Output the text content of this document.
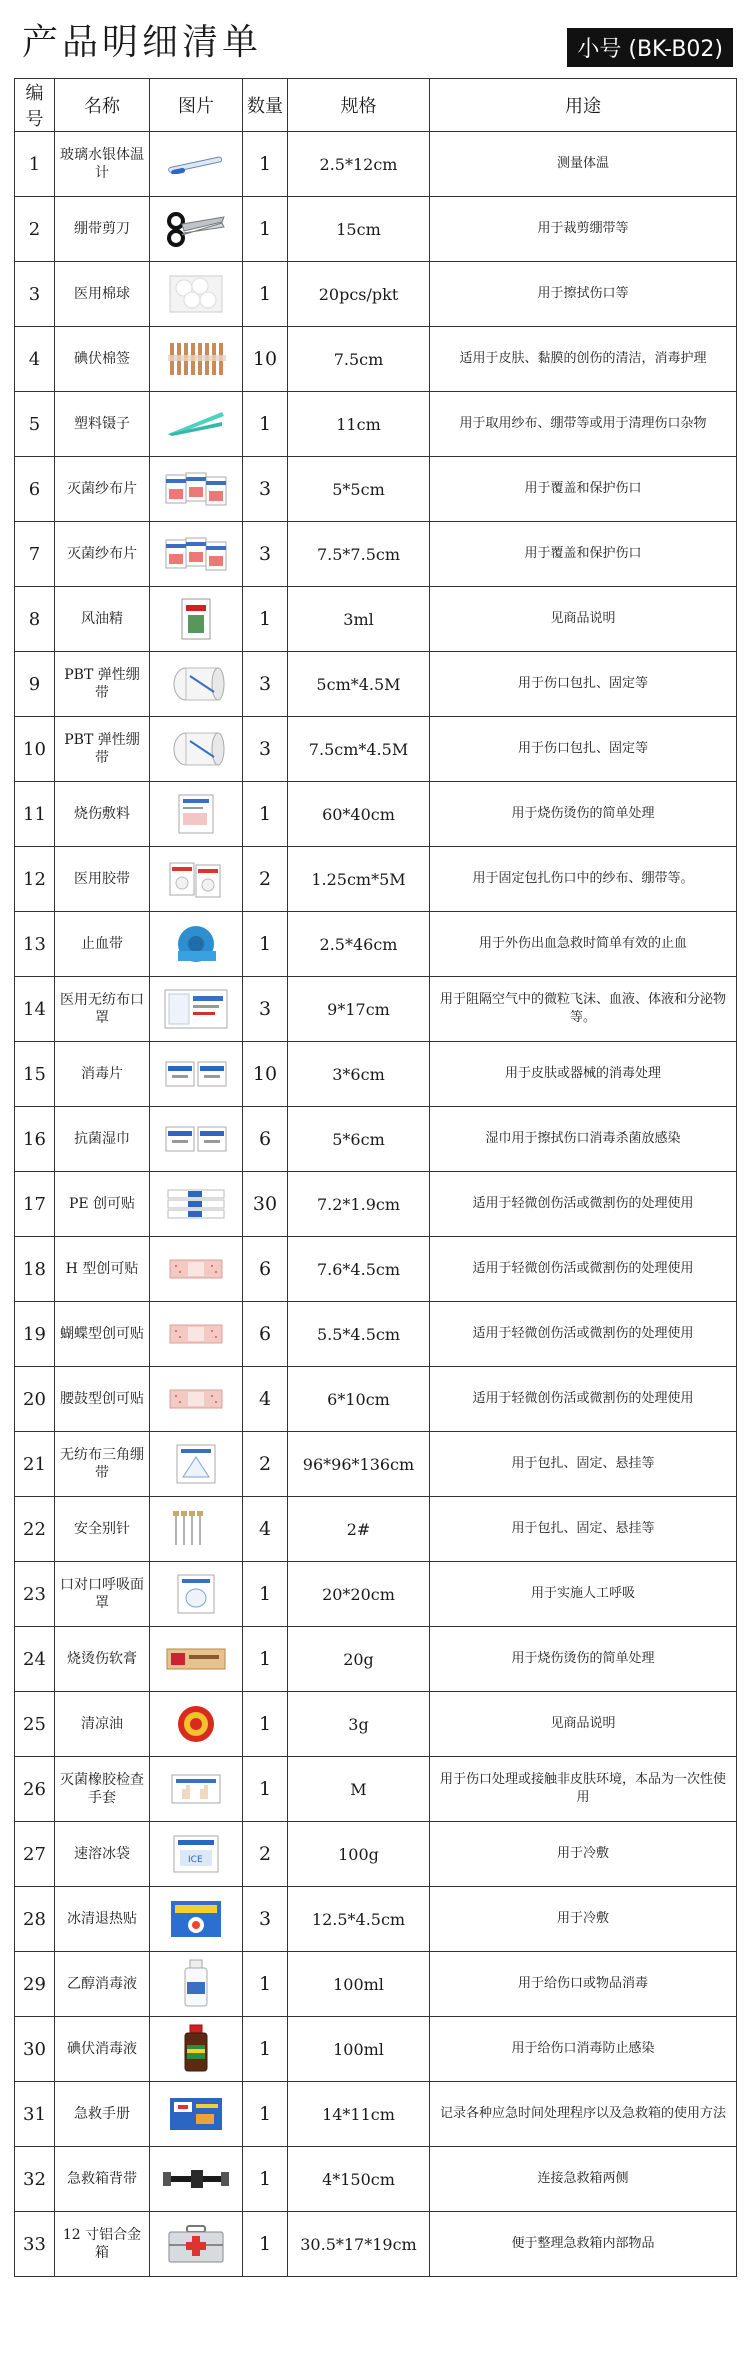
产品明细清单	小号 (BK-B02)
编号	名称	图片	数量	规格	用途
1	玻璃水银体温计		1	2.5*12cm	测量体温
2	绷带剪刀		1	15cm	用于裁剪绷带等
3	医用棉球		1	20pcs/pkt	用于擦拭伤口等
4	碘伏棉签		10	7.5cm	适用于皮肤、黏膜的创伤的清洁，消毒护理
5	塑料镊子		1	11cm	用于取用纱布、绷带等或用于清理伤口杂物
6	灭菌纱布片		3	5*5cm	用于覆盖和保护伤口
7	灭菌纱布片		3	7.5*7.5cm	用于覆盖和保护伤口
8	风油精		1	3ml	见商品说明
9	PBT 弹性绷带		3	5cm*4.5M	用于伤口包扎、固定等
10	PBT 弹性绷带		3	7.5cm*4.5M	用于伤口包扎、固定等
11	烧伤敷料		1	60*40cm	用于烧伤烫伤的简单处理
12	医用胶带		2	1.25cm*5M	用于固定包扎伤口中的纱布、绷带等。
13	止血带		1	2.5*46cm	用于外伤出血急救时简单有效的止血
14	医用无纺布口罩		3	9*17cm	用于阻隔空气中的微粒飞沫、血液、体液和分泌物等。
15	消毒片		10	3*6cm	用于皮肤或器械的消毒处理
16	抗菌湿巾		6	5*6cm	湿巾用于擦拭伤口消毒杀菌放感染
17	PE 创可贴		30	7.2*1.9cm	适用于轻微创伤活或微割伤的处理使用
18	H 型创可贴		6	7.6*4.5cm	适用于轻微创伤活或微割伤的处理使用
19	蝴蝶型创可贴		6	5.5*4.5cm	适用于轻微创伤活或微割伤的处理使用
20	腰鼓型创可贴		4	6*10cm	适用于轻微创伤活或微割伤的处理使用
21	无纺布三角绷带		2	96*96*136cm	用于包扎、固定、悬挂等
22	安全别针		4	2#	用于包扎、固定、悬挂等
23	口对口呼吸面罩		1	20*20cm	用于实施人工呼吸
24	烧烫伤软膏		1	20g	用于烧伤烫伤的简单处理
25	清凉油		1	3g	见商品说明
26	灭菌橡胶检查手套		1	M	用于伤口处理或接触非皮肤环境，本品为一次性使用
27	速溶冰袋	ICE	2	100g	用于冷敷
28	冰清退热贴		3	12.5*4.5cm	用于冷敷
29	乙醇消毒液		1	100ml	用于给伤口或物品消毒
30	碘伏消毒液		1	100ml	用于给伤口消毒防止感染
31	急救手册		1	14*11cm	记录各种应急时间处理程序以及急救箱的使用方法
32	急救箱背带		1	4*150cm	连接急救箱两侧
33	12 寸铝合金箱		1	30.5*17*19cm	便于整理急救箱内部物品
